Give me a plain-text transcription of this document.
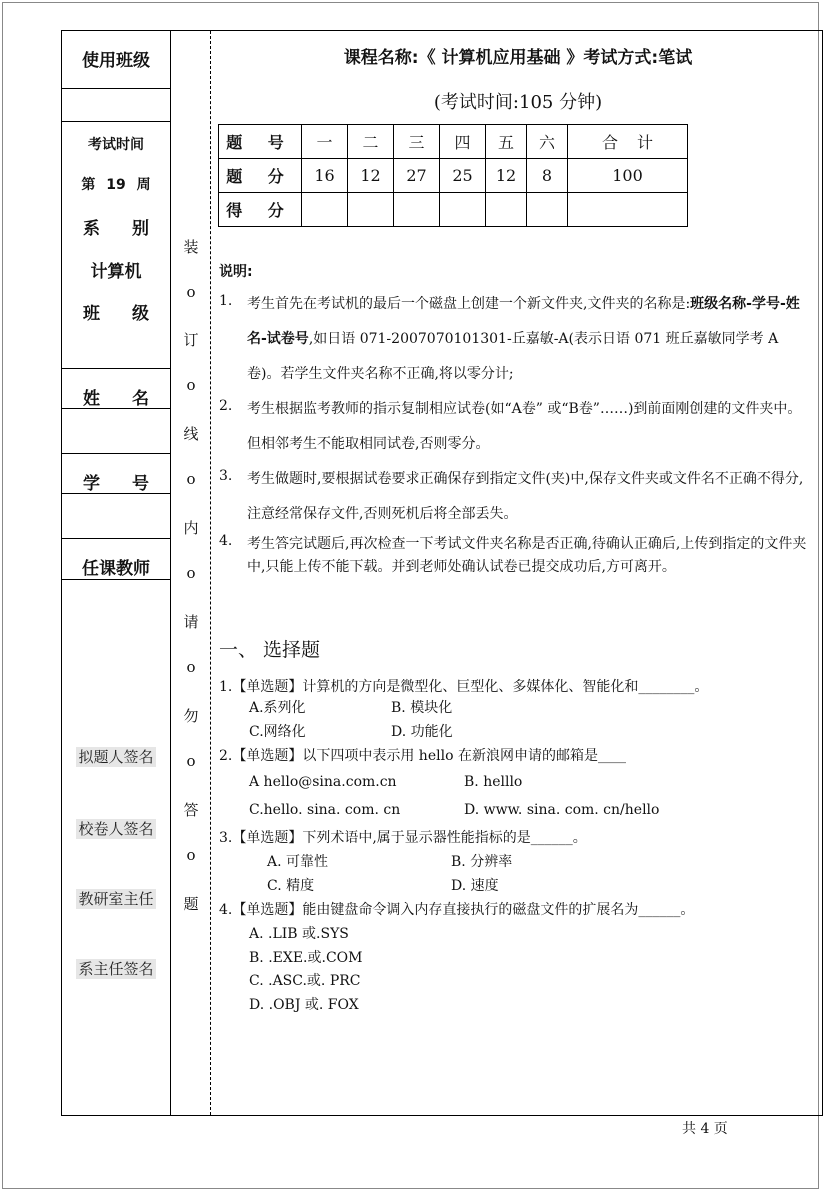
使用班级
考试时间
第 19 周
系 别
计算机
班 级
姓 名
学 号
任课教师
拟题人签名
校卷人签名
教研室主任
系主任签名
装
o
订
o
线
o
内
o
请
o
勿
o
答
o
题
课程名称:《 计算机应用基础 》考试方式:笔试
(考试时间:105 分钟)
题 号	一	二	三	四	五	六	合 计
题 分	16	12	27	25	12	8	100
得 分							
说明:
1. 考生首先在考试机的最后一个磁盘上创建一个新文件夹,文件夹的名称是:班级名称-学号-姓名-试卷号,如日语 071-2007070101301-丘嘉敏-A(表示日语 071 班丘嘉敏同学考 A 卷)。若学生文件夹名称不正确,将以零分计;
2. 考生根据监考教师的指示复制相应试卷(如“A卷” 或“B卷”……)到前面刚创建的文件夹中。但相邻考生不能取相同试卷,否则零分。
3. 考生做题时,要根据试卷要求正确保存到指定文件(夹)中,保存文件夹或文件名不正确不得分,注意经常保存文件,否则死机后将全部丢失。
4. 考生答完试题后,再次检查一下考试文件夹名称是否正确,待确认正确后,上传到指定的文件夹中,只能上传不能下载。并到老师处确认试卷已提交成功后,方可离开。
一、 选择题
1.【单选题】计算机的方向是微型化、巨型化、多媒体化、智能化和________。
A.系列化	B. 模块化
C.网络化	D. 功能化
2.【单选题】以下四项中表示用 hello 在新浪网申请的邮箱是____
A hello@sina.com.cn	B. helllo
C.hello. sina. com. cn	D. www. sina. com. cn/hello
3.【单选题】下列术语中,属于显示器性能指标的是______。
A. 可靠性	B. 分辨率
C. 精度	D. 速度
4.【单选题】能由键盘命令调入内存直接执行的磁盘文件的扩展名为______。
A. .LIB 或.SYS
B. .EXE.或.COM
C. .ASC.或. PRC
D. .OBJ 或. FOX
共 4 页
